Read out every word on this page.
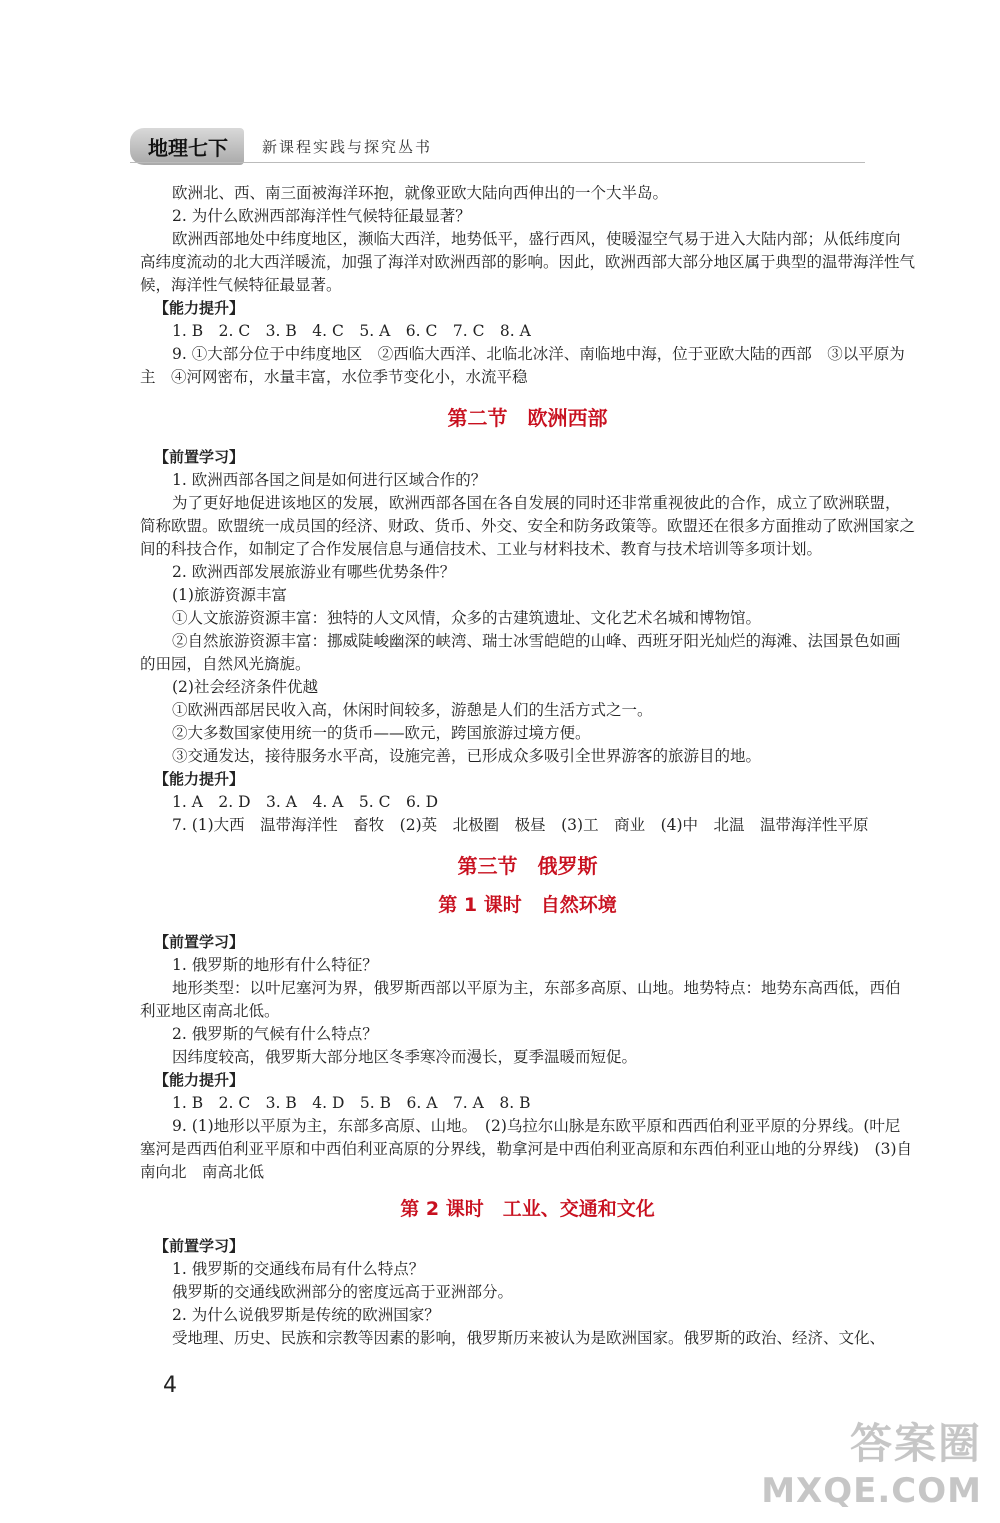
地理七下	新课程实践与探究丛书

欧洲北、西、南三面被海洋环抱，就像亚欧大陆向西伸出的一个大半岛。

2. 为什么欧洲西部海洋性气候特征最显著？

欧洲西部地处中纬度地区，濒临大西洋，地势低平，盛行西风，使暖湿空气易于进入大陆内部；从低纬度向高纬度流动的北大西洋暖流，加强了海洋对欧洲西部的影响。因此，欧洲西部大部分地区属于典型的温带海洋性气候，海洋性气候特征最显著。

【能力提升】

1. B　2. C　3. B　4. C　5. A　6. C　7. C　8. A

9. ①大部分位于中纬度地区　②西临大西洋、北临北冰洋、南临地中海，位于亚欧大陆的西部　③以平原为主　④河网密布，水量丰富，水位季节变化小，水流平稳

第二节　欧洲西部

【前置学习】

1. 欧洲西部各国之间是如何进行区域合作的？

为了更好地促进该地区的发展，欧洲西部各国在各自发展的同时还非常重视彼此的合作，成立了欧洲联盟，简称欧盟。欧盟统一成员国的经济、财政、货币、外交、安全和防务政策等。欧盟还在很多方面推动了欧洲国家之间的科技合作，如制定了合作发展信息与通信技术、工业与材料技术、教育与技术培训等多项计划。

2. 欧洲西部发展旅游业有哪些优势条件？

(1)旅游资源丰富

①人文旅游资源丰富：独特的人文风情，众多的古建筑遗址、文化艺术名城和博物馆。

②自然旅游资源丰富：挪威陡峻幽深的峡湾、瑞士冰雪皑皑的山峰、西班牙阳光灿烂的海滩、法国景色如画的田园，自然风光旖旎。

(2)社会经济条件优越

①欧洲西部居民收入高，休闲时间较多，游憩是人们的生活方式之一。

②大多数国家使用统一的货币——欧元，跨国旅游过境方便。

③交通发达，接待服务水平高，设施完善，已形成众多吸引全世界游客的旅游目的地。

【能力提升】

1. A　2. D　3. A　4. A　5. C　6. D

7. (1)大西　温带海洋性　畜牧　(2)英　北极圈　极昼　(3)工　商业　(4)中　北温　温带海洋性平原

第三节　俄罗斯
第 1 课时　自然环境

【前置学习】

1. 俄罗斯的地形有什么特征？

地形类型：以叶尼塞河为界，俄罗斯西部以平原为主，东部多高原、山地。地势特点：地势东高西低，西伯利亚地区南高北低。

2. 俄罗斯的气候有什么特点？

因纬度较高，俄罗斯大部分地区冬季寒冷而漫长，夏季温暖而短促。

【能力提升】

1. B　2. C　3. B　4. D　5. B　6. A　7. A　8. B

9. (1)地形以平原为主，东部多高原、山地。　(2)乌拉尔山脉是东欧平原和西西伯利亚平原的分界线。(叶尼塞河是西西伯利亚平原和中西伯利亚高原的分界线，勒拿河是中西伯利亚高原和东西伯利亚山地的分界线)　(3)自南向北　南高北低

第 2 课时　工业、交通和文化

【前置学习】

1. 俄罗斯的交通线布局有什么特点？

俄罗斯的交通线欧洲部分的密度远高于亚洲部分。

2. 为什么说俄罗斯是传统的欧洲国家？

受地理、历史、民族和宗教等因素的影响，俄罗斯历来被认为是欧洲国家。俄罗斯的政治、经济、文化、

4
答案圈
MXQE.COM
